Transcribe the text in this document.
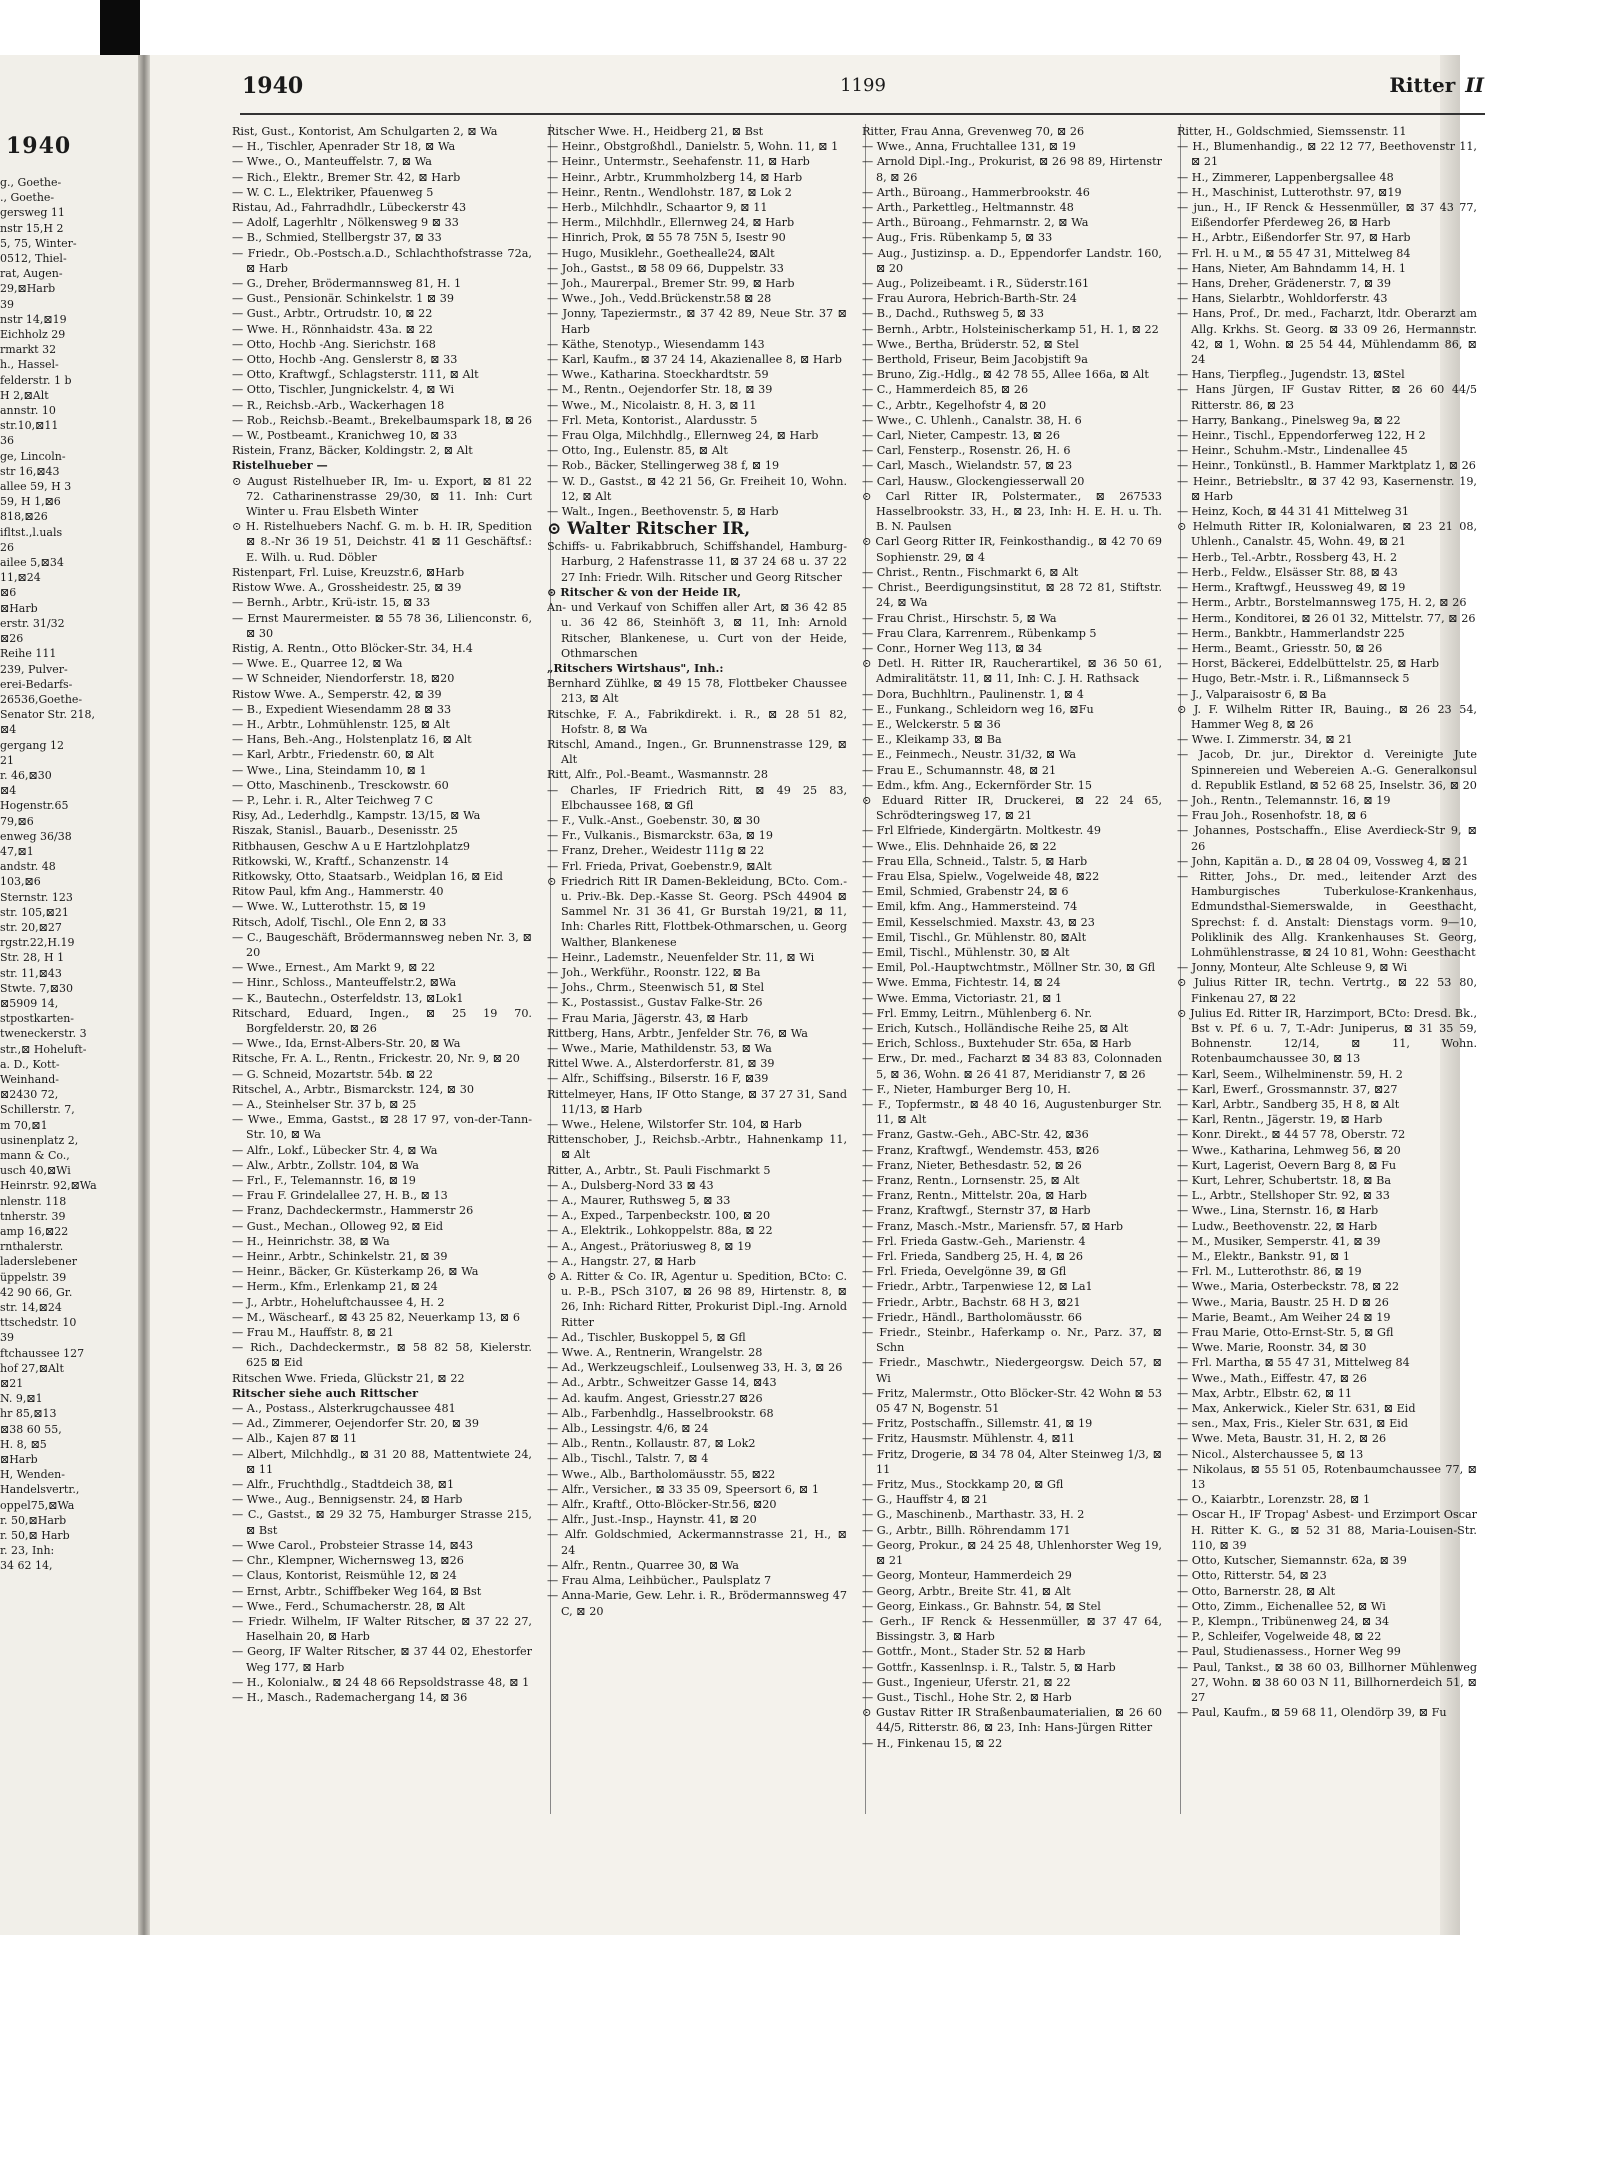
1940
g., Goethe-
., Goethe-
gersweg 11
nstr 15,H 2
5, 75, Winter-
0512, Thiel-
rat, Augen-
29,⊠Harb
39
nstr 14,⊠19
Eichholz 29
rmarkt 32
h., Hassel-
felderstr. 1 b
H 2,⊠Alt
annstr. 10
str.10,⊠11
36
ge, Lincoln-
str 16,⊠43
allee 59, H 3
59, H 1,⊠6
818,⊠26
ifltst.,l.uals
26
ailee 5,⊠34
11,⊠24
⊠6
⊠Harb
erstr. 31/32
⊠26
Reihe 111
239, Pulver-
erei-Bedarfs-
26536,Goethe-
Senator Str. 218,
⊠4
gergang 12
21
r. 46,⊠30
⊠4
Hogenstr.65
79,⊠6
enweg 36/38
47,⊠1
andstr. 48
103,⊠6
Sternstr. 123
str. 105,⊠21
str. 20,⊠27
rgstr.22,H.19
Str. 28, H 1
str. 11,⊠43
Stwte. 7,⊠30
⊠5909 14,
stpostkarten-
tweneckerstr. 3
str.,⊠ Hoheluft-
a. D., Kott-
Weinhand-
⊠2430 72,
Schillerstr. 7,
m 70,⊠1
usinenplatz 2,
mann & Co.,
usch 40,⊠Wi
Heinrstr. 92,⊠Wa
nlenstr. 118
tnherstr. 39
amp 16,⊠22
rnthalerstr.
laderslebener
üppelstr. 39
42 90 66, Gr.
str. 14,⊠24
ttschedstr. 10
39
ftchaussee 127
hof 27,⊠Alt
⊠21
N. 9,⊠1
hr 85,⊠13
⊠38 60 55,
H. 8, ⊠5
⊠Harb
H, Wenden-
Handelsvertr.,
oppel75,⊠Wa
r. 50,⊠Harb
r. 50,⊠ Harb
r. 23, Inh:
34 62 14,
1940	1199	Ritter II

Rist, Gust., Kontorist, Am Schulgarten 2, ⊠ Wa

— H., Tischler, Apenrader Str 18, ⊠ Wa

— Wwe., O., Manteuffelstr. 7, ⊠ Wa

— Rich., Elektr., Bremer Str. 42, ⊠ Harb

— W. C. L., Elektriker, Pfauenweg 5

Ristau, Ad., Fahrradhdlr., Lübeckerstr 43

— Adolf, Lagerhltr , Nölkensweg 9 ⊠ 33

— B., Schmied, Stellbergstr 37, ⊠ 33

— Friedr., Ob.-Postsch.a.D., Schlachthofstrasse 72a, ⊠ Harb

— G., Dreher, Brödermannsweg 81, H. 1

— Gust., Pensionär. Schinkelstr. 1 ⊠ 39

— Gust., Arbtr., Ortrudstr. 10, ⊠ 22

— Wwe. H., Rönnhaidstr. 43a. ⊠ 22

— Otto, Hochb -Ang. Sierichstr. 168

— Otto, Hochb -Ang. Genslerstr 8, ⊠ 33

— Otto, Kraftwgf., Schlagsterstr. 111, ⊠ Alt

— Otto, Tischler, Jungnickelstr. 4, ⊠ Wi

— R., Reichsb.-Arb., Wackerhagen 18

— Rob., Reichsb.-Beamt., Brekelbaumspark 18, ⊠ 26

— W., Postbeamt., Kranichweg 10, ⊠ 33

Ristein, Franz, Bäcker, Koldingstr. 2, ⊠ Alt

Ristelhueber —

⊙ August Ristelhueber IR, Im- u. Export, ⊠ 81 22 72. Catharinenstrasse 29/30, ⊠ 11. Inh: Curt Winter u. Frau Elsbeth Winter

⊙ H. Ristelhuebers Nachf. G. m. b. H. IR, Spedition ⊠ 8.-Nr 36 19 51, Deichstr. 41 ⊠ 11 Geschäftsf.: E. Wilh. u. Rud. Döbler

Ristenpart, Frl. Luise, Kreuzstr.6, ⊠Harb

Ristow Wwe. A., Grossheidestr. 25, ⊠ 39

— Bernh., Arbtr., Krü-istr. 15, ⊠ 33

— Ernst Maurermeister. ⊠ 55 78 36, Lilienconstr. 6, ⊠ 30

Ristig, A. Rentn., Otto Blöcker-Str. 34, H.4

— Wwe. E., Quarree 12, ⊠ Wa

— W Schneider, Niendorferstr. 18, ⊠20

Ristow Wwe. A., Semperstr. 42, ⊠ 39

— B., Expedient Wiesendamm 28 ⊠ 33

— H., Arbtr., Lohmühlenstr. 125, ⊠ Alt

— Hans, Beh.-Ang., Holstenplatz 16, ⊠ Alt

— Karl, Arbtr., Friedenstr. 60, ⊠ Alt

— Wwe., Lina, Steindamm 10, ⊠ 1

— Otto, Maschinenb., Tresckowstr. 60

— P., Lehr. i. R., Alter Teichweg 7 C

Risy, Ad., Lederhdlg., Kampstr. 13/15, ⊠ Wa

Riszak, Stanisl., Bauarb., Desenisstr. 25

Ritbhausen, Geschw A u E Hartzlohplatz9

Ritkowski, W., Kraftf., Schanzenstr. 14

Ritkowsky, Otto, Staatsarb., Weidplan 16, ⊠ Eid

Ritow Paul, kfm Ang., Hammerstr. 40

— Wwe. W., Lutterothstr. 15, ⊠ 19

Ritsch, Adolf, Tischl., Ole Enn 2, ⊠ 33

— C., Baugeschäft, Brödermannsweg neben Nr. 3, ⊠ 20

— Wwe., Ernest., Am Markt 9, ⊠ 22

— Hinr., Schloss., Manteuffelstr.2, ⊠Wa

— K., Bautechn., Osterfeldstr. 13, ⊠Lok1

Ritschard, Eduard, Ingen., ⊠ 25 19 70. Borgfelderstr. 20, ⊠ 26

— Wwe., Ida, Ernst-Albers-Str. 20, ⊠ Wa

Ritsche, Fr. A. L., Rentn., Frickestr. 20, Nr. 9, ⊠ 20

— G. Schneid, Mozartstr. 54b. ⊠ 22

Ritschel, A., Arbtr., Bismarckstr. 124, ⊠ 30

— A., Steinhelser Str. 37 b, ⊠ 25

— Wwe., Emma, Gastst., ⊠ 28 17 97, von-der-Tann-Str. 10, ⊠ Wa

— Alfr., Lokf., Lübecker Str. 4, ⊠ Wa

— Alw., Arbtr., Zollstr. 104, ⊠ Wa

— Frl., F., Telemannstr. 16, ⊠ 19

— Frau F. Grindelallee 27, H. B., ⊠ 13

— Franz, Dachdeckermstr., Hammerstr 26

— Gust., Mechan., Olloweg 92, ⊠ Eid

— H., Heinrichstr. 38, ⊠ Wa

— Heinr., Arbtr., Schinkelstr. 21, ⊠ 39

— Heinr., Bäcker, Gr. Küsterkamp 26, ⊠ Wa

— Herm., Kfm., Erlenkamp 21, ⊠ 24

— J., Arbtr., Hoheluftchaussee 4, H. 2

— M., Wäschearf., ⊠ 43 25 82, Neuerkamp 13, ⊠ 6

— Frau M., Hauffstr. 8, ⊠ 21

— Rich., Dachdeckermstr., ⊠ 58 82 58, Kielerstr. 625 ⊠ Eid

Ritschen Wwe. Frieda, Glückstr 21, ⊠ 22

Ritscher siehe auch Rittscher

— A., Postass., Alsterkrugchaussee 481

— Ad., Zimmerer, Oejendorfer Str. 20, ⊠ 39

— Alb., Kajen 87 ⊠ 11

— Albert, Milchhdlg., ⊠ 31 20 88, Mattentwiete 24, ⊠ 11

— Alfr., Fruchthdlg., Stadtdeich 38, ⊠1

— Wwe., Aug., Bennigsenstr. 24, ⊠ Harb

— C., Gastst., ⊠ 29 32 75, Hamburger Strasse 215, ⊠ Bst

— Wwe Carol., Probsteier Strasse 14, ⊠43

— Chr., Klempner, Wichernsweg 13, ⊠26

— Claus, Kontorist, Reismühle 12, ⊠ 24

— Ernst, Arbtr., Schiffbeker Weg 164, ⊠ Bst

— Wwe., Ferd., Schumacherstr. 28, ⊠ Alt

— Friedr. Wilhelm, IF Walter Ritscher, ⊠ 37 22 27, Haselhain 20, ⊠ Harb

— Georg, IF Walter Ritscher, ⊠ 37 44 02, Ehestorfer Weg 177, ⊠ Harb

— H., Kolonialw., ⊠ 24 48 66 Repsoldstrasse 48, ⊠ 1

— H., Masch., Rademachergang 14, ⊠ 36

Ritscher Wwe. H., Heidberg 21, ⊠ Bst

— Heinr., Obstgroßhdl., Danielstr. 5, Wohn. 11, ⊠ 1

— Heinr., Untermstr., Seehafenstr. 11, ⊠ Harb

— Heinr., Arbtr., Krummholzberg 14, ⊠ Harb

— Heinr., Rentn., Wendlohstr. 187, ⊠ Lok 2

— Herb., Milchhdlr., Schaartor 9, ⊠ 11

— Herm., Milchhdlr., Ellernweg 24, ⊠ Harb

— Hinrich, Prok, ⊠ 55 78 75N 5, Isestr 90

— Hugo, Musiklehr., Goethealle24, ⊠Alt

— Joh., Gastst., ⊠ 58 09 66, Duppelstr. 33

— Joh., Maurerpal., Bremer Str. 99, ⊠ Harb

— Wwe., Joh., Vedd.Brückenstr.58 ⊠ 28

— Jonny, Tapeziermstr., ⊠ 37 42 89, Neue Str. 37 ⊠ Harb

— Käthe, Stenotyp., Wiesendamm 143

— Karl, Kaufm., ⊠ 37 24 14, Akazienallee 8, ⊠ Harb

— Wwe., Katharina. Stoeckhardtstr. 59

— M., Rentn., Oejendorfer Str. 18, ⊠ 39

— Wwe., M., Nicolaistr. 8, H. 3, ⊠ 11

— Frl. Meta, Kontorist., Alardusstr. 5

— Frau Olga, Milchhdlg., Ellernweg 24, ⊠ Harb

— Otto, Ing., Eulenstr. 85, ⊠ Alt

— Rob., Bäcker, Stellingerweg 38 f, ⊠ 19

— W. D., Gastst., ⊠ 42 21 56, Gr. Freiheit 10, Wohn. 12, ⊠ Alt

— Walt., Ingen., Beethovenstr. 5, ⊠ Harb

⊙ Walter Ritscher IR,

Schiffs- u. Fabrikabbruch, Schiffshandel, Hamburg-Harburg, 2 Hafenstrasse 11, ⊠ 37 24 68 u. 37 22 27 Inh: Friedr. Wilh. Ritscher und Georg Ritscher

⊙ Ritscher & von der Heide IR,

An- und Verkauf von Schiffen aller Art, ⊠ 36 42 85 u. 36 42 86, Steinhöft 3, ⊠ 11, Inh: Arnold Ritscher, Blankenese, u. Curt von der Heide, Othmarschen

„Ritschers Wirtshaus", Inh.:

Bernhard Zühlke, ⊠ 49 15 78, Flottbeker Chaussee 213, ⊠ Alt

Ritschke, F. A., Fabrikdirekt. i. R., ⊠ 28 51 82, Hofstr. 8, ⊠ Wa

Ritschl, Amand., Ingen., Gr. Brunnenstrasse 129, ⊠ Alt

Ritt, Alfr., Pol.-Beamt., Wasmannstr. 28

— Charles, IF Friedrich Ritt, ⊠ 49 25 83, Elbchaussee 168, ⊠ Gfl

— F., Vulk.-Anst., Goebenstr. 30, ⊠ 30

— Fr., Vulkanis., Bismarckstr. 63a, ⊠ 19

— Franz, Dreher., Weidestr 111g ⊠ 22

— Frl. Frieda, Privat, Goebenstr.9, ⊠Alt

⊙ Friedrich Ritt IR Damen-Bekleidung, BCto. Com.-u. Priv.-Bk. Dep.-Kasse St. Georg. PSch 44904 ⊠ Sammel Nr. 31 36 41, Gr Burstah 19/21, ⊠ 11, Inh: Charles Ritt, Flottbek-Othmarschen, u. Georg Walther, Blankenese

— Heinr., Lademstr., Neuenfelder Str. 11, ⊠ Wi

— Joh., Werkführ., Roonstr. 122, ⊠ Ba

— Johs., Chrm., Steenwisch 51, ⊠ Stel

— K., Postassist., Gustav Falke-Str. 26

— Frau Maria, Jägerstr. 43, ⊠ Harb

Rittberg, Hans, Arbtr., Jenfelder Str. 76, ⊠ Wa

— Wwe., Marie, Mathildenstr. 53, ⊠ Wa

Rittel Wwe. A., Alsterdorferstr. 81, ⊠ 39

— Alfr., Schiffsing., Bilserstr. 16 F, ⊠39

Rittelmeyer, Hans, IF Otto Stange, ⊠ 37 27 31, Sand 11/13, ⊠ Harb

— Wwe., Helene, Wilstorfer Str. 104, ⊠ Harb

Rittenschober, J., Reichsb.-Arbtr., Hahnenkamp 11, ⊠ Alt

Ritter, A., Arbtr., St. Pauli Fischmarkt 5

— A., Dulsberg-Nord 33 ⊠ 43

— A., Maurer, Ruthsweg 5, ⊠ 33

— A., Exped., Tarpenbeckstr. 100, ⊠ 20

— A., Elektrik., Lohkoppelstr. 88a, ⊠ 22

— A., Angest., Prätoriusweg 8, ⊠ 19

— A., Hangstr. 27, ⊠ Harb

⊙ A. Ritter & Co. IR, Agentur u. Spedition, BCto: C. u. P.-B., PSch 3107, ⊠ 26 98 89, Hirtenstr. 8, ⊠ 26, Inh: Richard Ritter, Prokurist Dipl.-Ing. Arnold Ritter

— Ad., Tischler, Buskoppel 5, ⊠ Gfl

— Wwe. A., Rentnerin, Wrangelstr. 28

— Ad., Werkzeugschleif., Loulsenweg 33, H. 3, ⊠ 26

— Ad., Arbtr., Schweitzer Gasse 14, ⊠43

— Ad. kaufm. Angest, Griesstr.27 ⊠26

— Alb., Farbenhdlg., Hasselbrookstr. 68

— Alb., Lessingstr. 4/6, ⊠ 24

— Alb., Rentn., Kollaustr. 87, ⊠ Lok2

— Alb., Tischl., Talstr. 7, ⊠ 4

— Wwe., Alb., Bartholomäusstr. 55, ⊠22

— Alfr., Versicher., ⊠ 33 35 09, Speersort 6, ⊠ 1

— Alfr., Kraftf., Otto-Blöcker-Str.56, ⊠20

— Alfr., Just.-Insp., Haynstr. 41, ⊠ 20

— Alfr. Goldschmied, Ackermannstrasse 21, H., ⊠ 24

— Alfr., Rentn., Quarree 30, ⊠ Wa

— Frau Alma, Leihbücher., Paulsplatz 7

— Anna-Marie, Gew. Lehr. i. R., Brödermannsweg 47 C, ⊠ 20

Ritter, Frau Anna, Grevenweg 70, ⊠ 26

— Wwe., Anna, Fruchtallee 131, ⊠ 19

— Arnold Dipl.-Ing., Prokurist, ⊠ 26 98 89, Hirtenstr 8, ⊠ 26

— Arth., Büroang., Hammerbrookstr. 46

— Arth., Parkettleg., Heltmannstr. 48

— Arth., Büroang., Fehmarnstr. 2, ⊠ Wa

— Aug., Fris. Rübenkamp 5, ⊠ 33

— Aug., Justizinsp. a. D., Eppendorfer Landstr. 160, ⊠ 20

— Aug., Polizeibeamt. i R., Süderstr.161

— Frau Aurora, Hebrich-Barth-Str. 24

— B., Dachd., Ruthsweg 5, ⊠ 33

— Bernh., Arbtr., Holsteinischerkamp 51, H. 1, ⊠ 22

— Wwe., Bertha, Brüderstr. 52, ⊠ Stel

— Berthold, Friseur, Beim Jacobjstift 9a

— Bruno, Zig.-Hdlg., ⊠ 42 78 55, Allee 166a, ⊠ Alt

— C., Hammerdeich 85, ⊠ 26

— C., Arbtr., Kegelhofstr 4, ⊠ 20

— Wwe., C. Uhlenh., Canalstr. 38, H. 6

— Carl, Nieter, Campestr. 13, ⊠ 26

— Carl, Fensterp., Rosenstr. 26, H. 6

— Carl, Masch., Wielandstr. 57, ⊠ 23

— Carl, Hausw., Glockengiesserwall 20

⊙ Carl Ritter IR, Polstermater., ⊠ 267533 Hasselbrookstr. 33, H., ⊠ 23, Inh: H. E. H. u. Th. B. N. Paulsen

⊙ Carl Georg Ritter IR, Feinkosthandig., ⊠ 42 70 69 Sophienstr. 29, ⊠ 4

— Christ., Rentn., Fischmarkt 6, ⊠ Alt

— Christ., Beerdigungsinstitut, ⊠ 28 72 81, Stiftstr. 24, ⊠ Wa

— Frau Christ., Hirschstr. 5, ⊠ Wa

— Frau Clara, Karrenrem., Rübenkamp 5

— Conr., Horner Weg 113, ⊠ 34

⊙ Detl. H. Ritter IR, Raucherartikel, ⊠ 36 50 61, Admiralitätstr. 11, ⊠ 11, Inh: C. J. H. Rathsack

— Dora, Buchhltrn., Paulinenstr. 1, ⊠ 4

— E., Funkang., Schleidorn weg 16, ⊠Fu

— E., Welckerstr. 5 ⊠ 36

— E., Kleikamp 33, ⊠ Ba

— E., Feinmech., Neustr. 31/32, ⊠ Wa

— Frau E., Schumannstr. 48, ⊠ 21

— Edm., kfm. Ang., Eckernförder Str. 15

⊙ Eduard Ritter IR, Druckerei, ⊠ 22 24 65, Schrödteringsweg 17, ⊠ 21

— Frl Elfriede, Kindergärtn. Moltkestr. 49

— Wwe., Elis. Dehnhaide 26, ⊠ 22

— Frau Ella, Schneid., Talstr. 5, ⊠ Harb

— Frau Elsa, Spielw., Vogelweide 48, ⊠22

— Emil, Schmied, Grabenstr 24, ⊠ 6

— Emil, kfm. Ang., Hammersteind. 74

— Emil, Kesselschmied. Maxstr. 43, ⊠ 23

— Emil, Tischl., Gr. Mühlenstr. 80, ⊠Alt

— Emil, Tischl., Mühlenstr. 30, ⊠ Alt

— Emil, Pol.-Hauptwchtmstr., Möllner Str. 30, ⊠ Gfl

— Wwe. Emma, Fichtestr. 14, ⊠ 24

— Wwe. Emma, Victoriastr. 21, ⊠ 1

— Frl. Emmy, Leitrn., Mühlenberg 6. Nr.

— Erich, Kutsch., Holländische Reihe 25, ⊠ Alt

— Erich, Schloss., Buxtehuder Str. 65a, ⊠ Harb

— Erw., Dr. med., Facharzt ⊠ 34 83 83, Colonnaden 5, ⊠ 36, Wohn. ⊠ 26 41 87, Meridianstr 7, ⊠ 26

— F., Nieter, Hamburger Berg 10, H.

— F., Topfermstr., ⊠ 48 40 16, Augustenburger Str. 11, ⊠ Alt

— Franz, Gastw.-Geh., ABC-Str. 42, ⊠36

— Franz, Kraftwgf., Wendemstr. 453, ⊠26

— Franz, Nieter, Bethesdastr. 52, ⊠ 26

— Franz, Rentn., Lornsenstr. 25, ⊠ Alt

— Franz, Rentn., Mittelstr. 20a, ⊠ Harb

— Franz, Kraftwgf., Sternstr 37, ⊠ Harb

— Franz, Masch.-Mstr., Mariensfr. 57, ⊠ Harb

— Frl. Frieda Gastw.-Geh., Marienstr. 4

— Frl. Frieda, Sandberg 25, H. 4, ⊠ 26

— Frl. Frieda, Oevelgönne 39, ⊠ Gfl

— Friedr., Arbtr., Tarpenwiese 12, ⊠ La1

— Friedr., Arbtr., Bachstr. 68 H 3, ⊠21

— Friedr., Händl., Bartholomäusstr. 66

— Friedr., Steinbr., Haferkamp o. Nr., Parz. 37, ⊠ Schn

— Friedr., Maschwtr., Niedergeorgsw. Deich 57, ⊠ Wi

— Fritz, Malermstr., Otto Blöcker-Str. 42 Wohn ⊠ 53 05 47 N, Bogenstr. 51

— Fritz, Postschaffn., Sillemstr. 41, ⊠ 19

— Fritz, Hausmstr. Mühlenstr. 4, ⊠11

— Fritz, Drogerie, ⊠ 34 78 04, Alter Steinweg 1/3, ⊠ 11

— Fritz, Mus., Stockkamp 20, ⊠ Gfl

— G., Hauffstr 4, ⊠ 21

— G., Maschinenb., Marthastr. 33, H. 2

— G., Arbtr., Billh. Röhrendamm 171

— Georg, Prokur., ⊠ 24 25 48, Uhlenhorster Weg 19, ⊠ 21

— Georg, Monteur, Hammerdeich 29

— Georg, Arbtr., Breite Str. 41, ⊠ Alt

— Georg, Einkass., Gr. Bahnstr. 54, ⊠ Stel

— Gerh., IF Renck & Hessenmüller, ⊠ 37 47 64, Bissingstr. 3, ⊠ Harb

— Gottfr., Mont., Stader Str. 52 ⊠ Harb

— Gottfr., Kassenlnsp. i. R., Talstr. 5, ⊠ Harb

— Gust., Ingenieur, Uferstr. 21, ⊠ 22

— Gust., Tischl., Hohe Str. 2, ⊠ Harb

⊙ Gustav Ritter IR Straßenbaumaterialien, ⊠ 26 60 44/5, Ritterstr. 86, ⊠ 23, Inh: Hans-Jürgen Ritter

— H., Finkenau 15, ⊠ 22

Ritter, H., Goldschmied, Siemssenstr. 11

— H., Blumenhandig., ⊠ 22 12 77, Beethovenstr 11, ⊠ 21

— H., Zimmerer, Lappenbergsallee 48

— H., Maschinist, Lutterothstr. 97, ⊠19

— jun., H., IF Renck & Hessenmüller, ⊠ 37 43 77, Eißendorfer Pferdeweg 26, ⊠ Harb

— H., Arbtr., Eißendorfer Str. 97, ⊠ Harb

— Frl. H. u M., ⊠ 55 47 31, Mittelweg 84

— Hans, Nieter, Am Bahndamm 14, H. 1

— Hans, Dreher, Grädenerstr. 7, ⊠ 39

— Hans, Sielarbtr., Wohldorferstr. 43

— Hans, Prof., Dr. med., Facharzt, ltdr. Oberarzt am Allg. Krkhs. St. Georg. ⊠ 33 09 26, Hermannstr. 42, ⊠ 1, Wohn. ⊠ 25 54 44, Mühlendamm 86, ⊠ 24

— Hans, Tierpfleg., Jugendstr. 13, ⊠Stel

— Hans Jürgen, IF Gustav Ritter, ⊠ 26 60 44/5 Ritterstr. 86, ⊠ 23

— Harry, Bankang., Pinelsweg 9a, ⊠ 22

— Heinr., Tischl., Eppendorferweg 122, H 2

— Heinr., Schuhm.-Mstr., Lindenallee 45

— Heinr., Tonkünstl., B. Hammer Marktplatz 1, ⊠ 26

— Heinr., Betriebsltr., ⊠ 37 42 93, Kasernenstr. 19, ⊠ Harb

— Heinz, Koch, ⊠ 44 31 41 Mittelweg 31

⊙ Helmuth Ritter IR, Kolonialwaren, ⊠ 23 21 08, Uhlenh., Canalstr. 45, Wohn. 49, ⊠ 21

— Herb., Tel.-Arbtr., Rossberg 43, H. 2

— Herb., Feldw., Elsässer Str. 88, ⊠ 43

— Herm., Kraftwgf., Heussweg 49, ⊠ 19

— Herm., Arbtr., Borstelmannsweg 175, H. 2, ⊠ 26

— Herm., Konditorei, ⊠ 26 01 32, Mittelstr. 77, ⊠ 26

— Herm., Bankbtr., Hammerlandstr 225

— Herm., Beamt., Griesstr. 50, ⊠ 26

— Horst, Bäckerei, Eddelbüttelstr. 25, ⊠ Harb

— Hugo, Betr.-Mstr. i. R., Lißmannseck 5

— J., Valparaisostr 6, ⊠ Ba

⊙ J. F. Wilhelm Ritter IR, Bauing., ⊠ 26 23 54, Hammer Weg 8, ⊠ 26

— Wwe. I. Zimmerstr. 34, ⊠ 21

— Jacob, Dr. jur., Direktor d. Vereinigte Jute Spinnereien und Webereien A.-G. Generalkonsul d. Republik Estland, ⊠ 52 68 25, Inselstr. 36, ⊠ 20

— Joh., Rentn., Telemannstr. 16, ⊠ 19

— Frau Joh., Rosenhofstr. 18, ⊠ 6

— Johannes, Postschaffn., Elise Averdieck-Str 9, ⊠ 26

— John, Kapitän a. D., ⊠ 28 04 09, Vossweg 4, ⊠ 21

— Ritter, Johs., Dr. med., leitender Arzt des Hamburgisches Tuberkulose-Krankenhaus, Edmundsthal-Siemerswalde, in Geesthacht, Sprechst: f. d. Anstalt: Dienstags vorm. 9—10, Poliklinik des Allg. Krankenhauses St. Georg, Lohmühlenstrasse, ⊠ 24 10 81, Wohn: Geesthacht

— Jonny, Monteur, Alte Schleuse 9, ⊠ Wi

⊙ Julius Ritter IR, techn. Vertrtg., ⊠ 22 53 80, Finkenau 27, ⊠ 22

⊙ Julius Ed. Ritter IR, Harzimport, BCto: Dresd. Bk., Bst v. Pf. 6 u. 7, T.-Adr: Juniperus, ⊠ 31 35 59, Bohnenstr. 12/14, ⊠ 11, Wohn. Rotenbaumchaussee 30, ⊠ 13

— Karl, Seem., Wilhelminenstr. 59, H. 2

— Karl, Ewerf., Grossmannstr. 37, ⊠27

— Karl, Arbtr., Sandberg 35, H 8, ⊠ Alt

— Karl, Rentn., Jägerstr. 19, ⊠ Harb

— Konr. Direkt., ⊠ 44 57 78, Oberstr. 72

— Wwe., Katharina, Lehmweg 56, ⊠ 20

— Kurt, Lagerist, Oevern Barg 8, ⊠ Fu

— Kurt, Lehrer, Schubertstr. 18, ⊠ Ba

— L., Arbtr., Stellshoper Str. 92, ⊠ 33

— Wwe., Lina, Sternstr. 16, ⊠ Harb

— Ludw., Beethovenstr. 22, ⊠ Harb

— M., Musiker, Semperstr. 41, ⊠ 39

— M., Elektr., Bankstr. 91, ⊠ 1

— Frl. M., Lutterothstr. 86, ⊠ 19

— Wwe., Maria, Osterbeckstr. 78, ⊠ 22

— Wwe., Maria, Baustr. 25 H. D ⊠ 26

— Marie, Beamt., Am Weiher 24 ⊠ 19

— Frau Marie, Otto-Ernst-Str. 5, ⊠ Gfl

— Wwe. Marie, Roonstr. 34, ⊠ 30

— Frl. Martha, ⊠ 55 47 31, Mittelweg 84

— Wwe., Math., Eiffestr. 47, ⊠ 26

— Max, Arbtr., Elbstr. 62, ⊠ 11

— Max, Ankerwick., Kieler Str. 631, ⊠ Eid

— sen., Max, Fris., Kieler Str. 631, ⊠ Eid

— Wwe. Meta, Baustr. 31, H. 2, ⊠ 26

— Nicol., Alsterchaussee 5, ⊠ 13

— Nikolaus, ⊠ 55 51 05, Rotenbaumchaussee 77, ⊠ 13

— O., Kaiarbtr., Lorenzstr. 28, ⊠ 1

— Oscar H., IF Tropag' Asbest- und Erzimport Oscar H. Ritter K. G., ⊠ 52 31 88, Maria-Louisen-Str. 110, ⊠ 39

— Otto, Kutscher, Siemannstr. 62a, ⊠ 39

— Otto, Ritterstr. 54, ⊠ 23

— Otto, Barnerstr. 28, ⊠ Alt

— Otto, Zimm., Eichenallee 52, ⊠ Wi

— P., Klempn., Tribünenweg 24, ⊠ 34

— P., Schleifer, Vogelweide 48, ⊠ 22

— Paul, Studienassess., Horner Weg 99

— Paul, Tankst., ⊠ 38 60 03, Billhorner Mühlenweg 27, Wohn. ⊠ 38 60 03 N 11, Billhornerdeich 51, ⊠ 27

— Paul, Kaufm., ⊠ 59 68 11, Olendörp 39, ⊠ Fu
